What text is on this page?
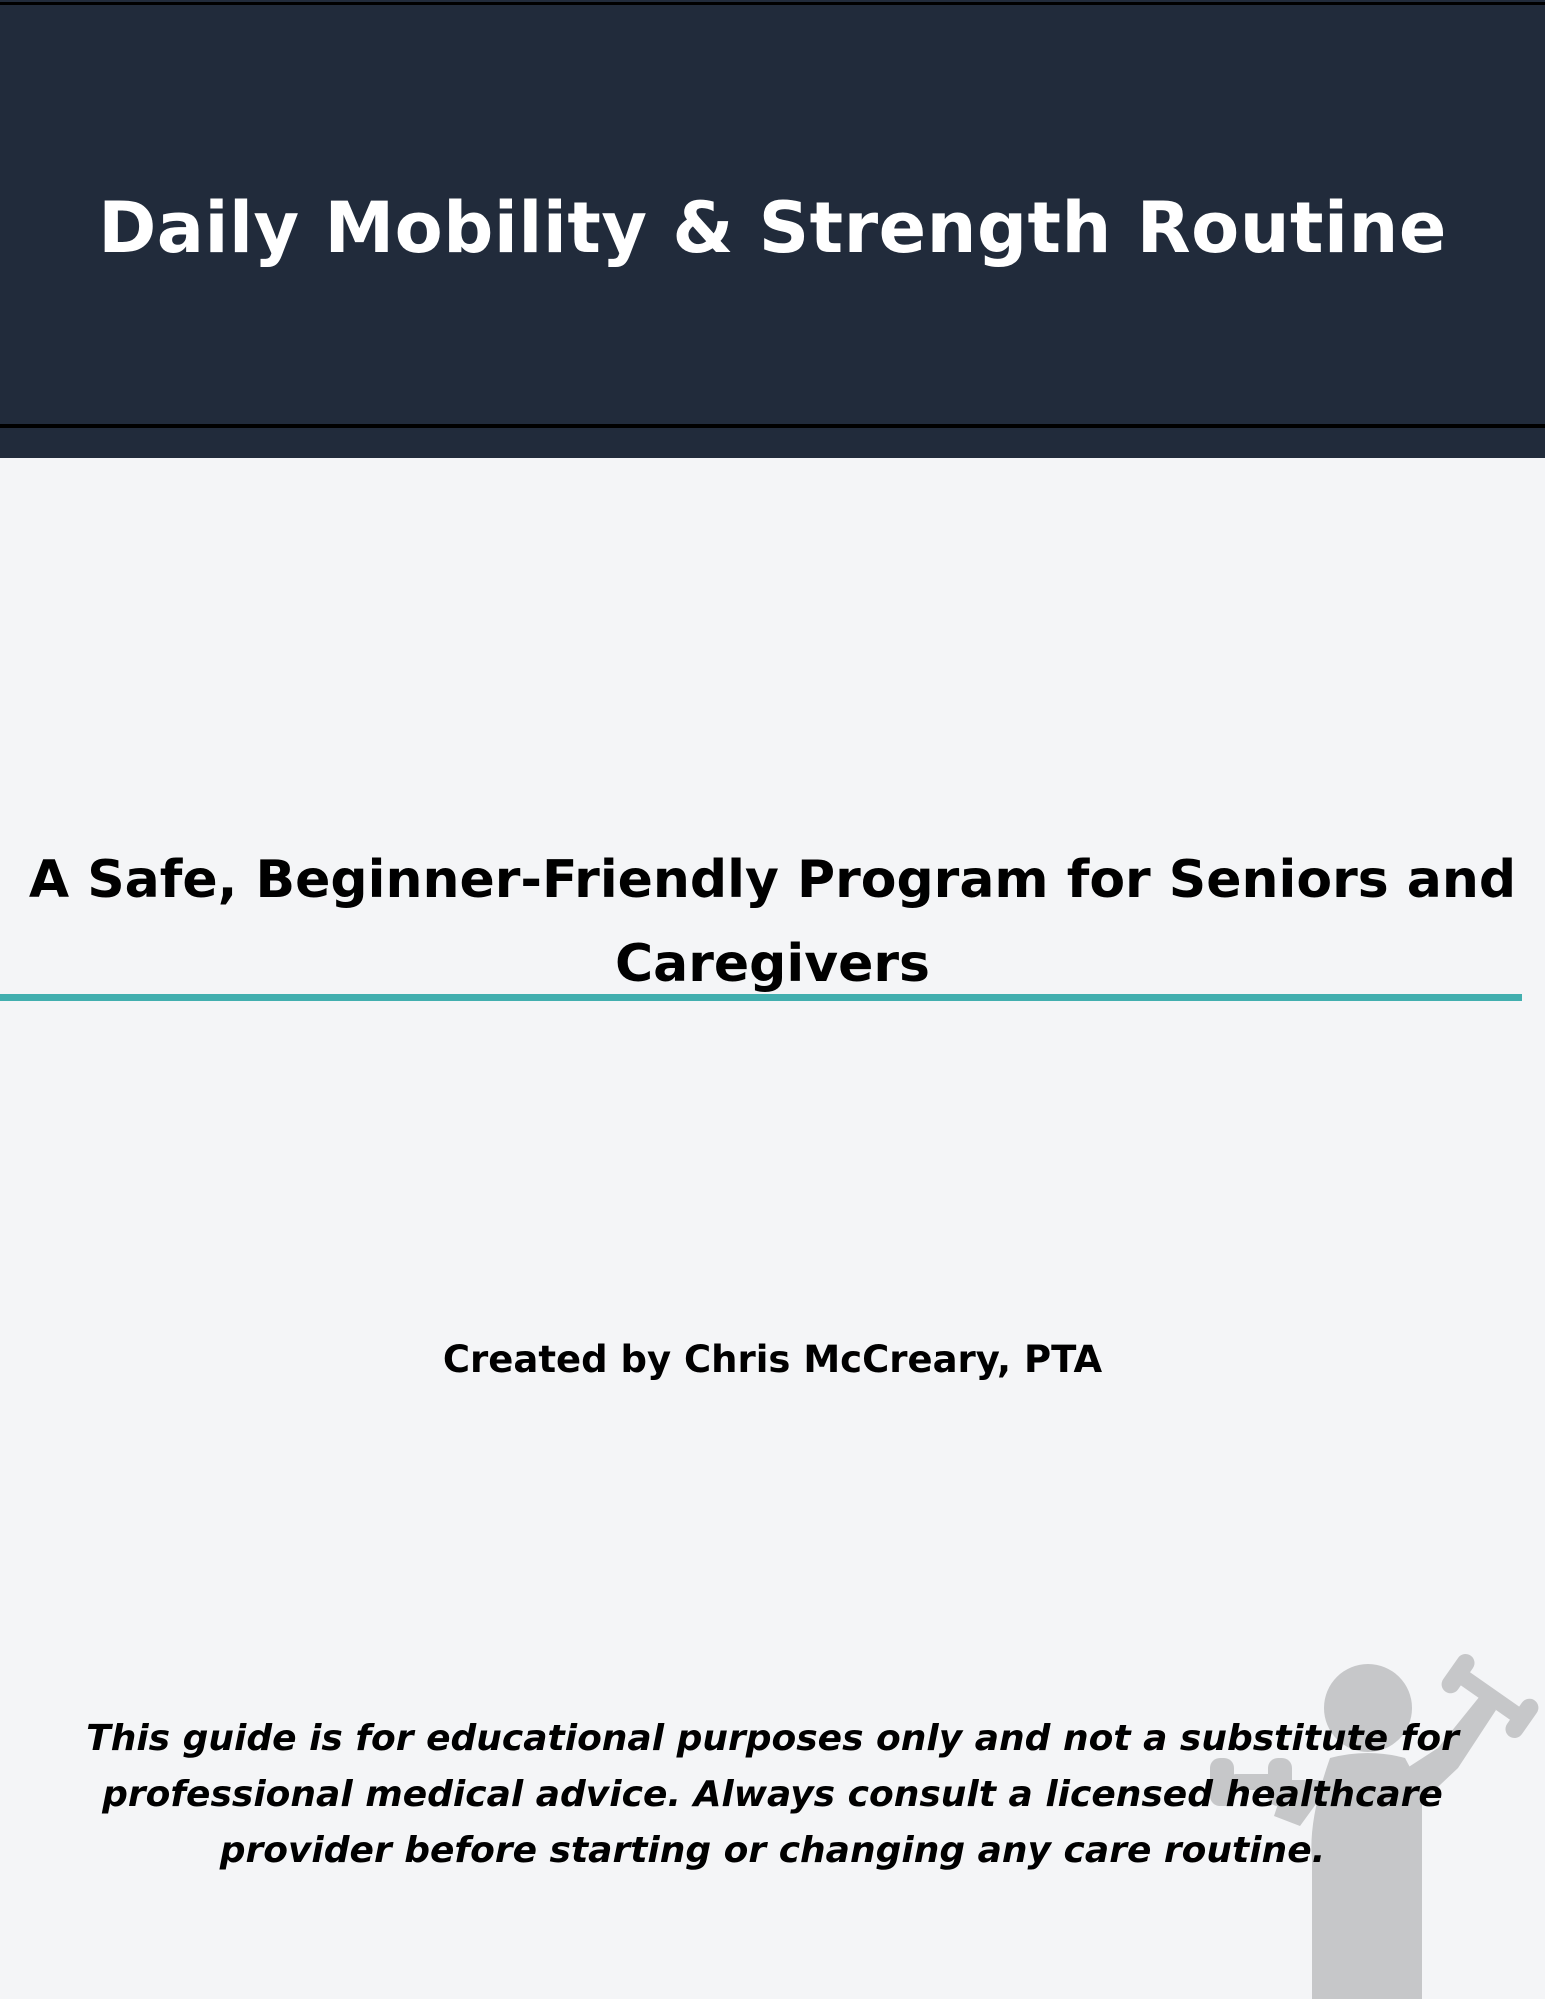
Daily Mobility & Strength Routine
A Safe, Beginner-Friendly Program for Seniors and Caregivers
Created by Chris McCreary, PTA
This guide is for educational purposes only and not a substitute for professional medical advice. Always consult a licensed healthcare provider before starting or changing any care routine.
